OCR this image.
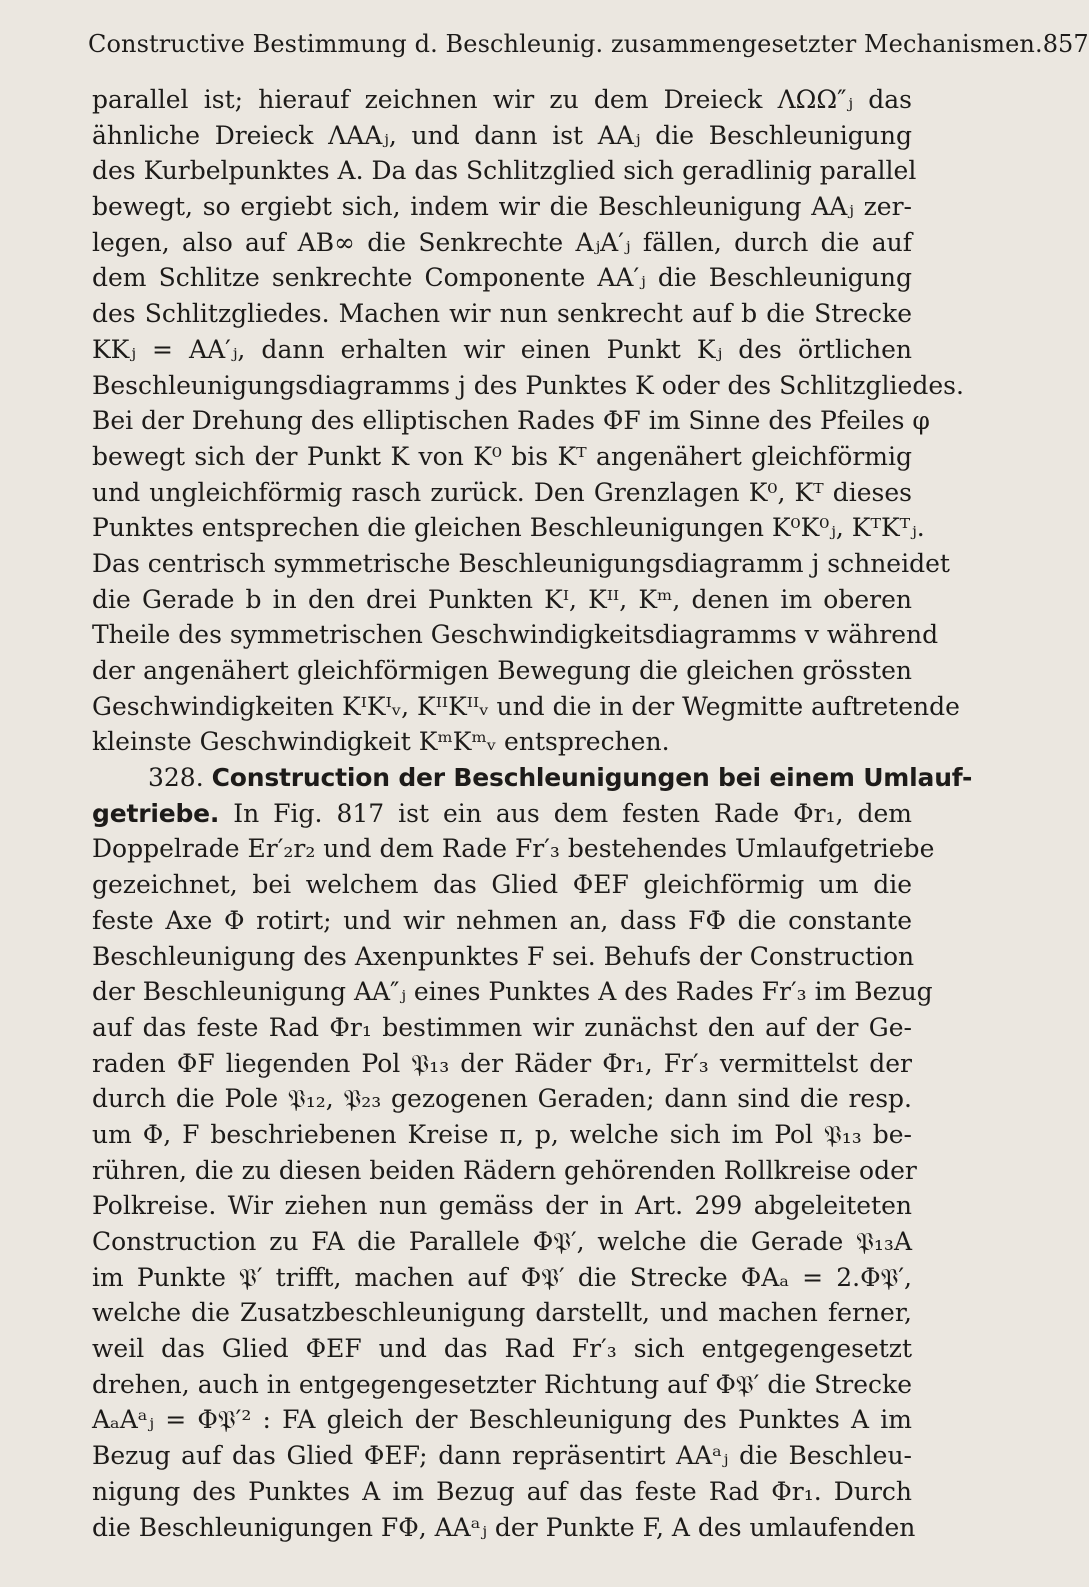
Constructive Bestimmung d. Beschleunig. zusammengesetzter Mechanismen. 857
parallel ist; hierauf zeichnen wir zu dem Dreieck ΛΩΩ″ⱼ das
ähnliche Dreieck ΛAAⱼ, und dann ist AAⱼ die Beschleunigung
des Kurbelpunktes A. Da das Schlitzglied sich geradlinig parallel
bewegt, so ergiebt sich, indem wir die Beschleunigung AAⱼ zer-
legen, also auf AB∞ die Senkrechte AⱼA′ⱼ fällen, durch die auf
dem Schlitze senkrechte Componente AA′ⱼ die Beschleunigung
des Schlitzgliedes. Machen wir nun senkrecht auf b die Strecke
KKⱼ = AA′ⱼ, dann erhalten wir einen Punkt Kⱼ des örtlichen
Beschleunigungsdiagramms j des Punktes K oder des Schlitzgliedes.
Bei der Drehung des elliptischen Rades ΦF im Sinne des Pfeiles φ
bewegt sich der Punkt K von K⁰ bis Kᵀ angenähert gleichförmig
und ungleichförmig rasch zurück. Den Grenzlagen K⁰, Kᵀ dieses
Punktes entsprechen die gleichen Beschleunigungen K⁰K⁰ⱼ, KᵀKᵀⱼ.
Das centrisch symmetrische Beschleunigungsdiagramm j schneidet
die Gerade b in den drei Punkten Kᴵ, Kᴵᴵ, Kᵐ, denen im oberen
Theile des symmetrischen Geschwindigkeitsdiagramms v während
der angenähert gleichförmigen Bewegung die gleichen grössten
Geschwindigkeiten KᴵKᴵᵥ, KᴵᴵKᴵᴵᵥ und die in der Wegmitte auftretende
kleinste Geschwindigkeit KᵐKᵐᵥ entsprechen.
328. Construction der Beschleunigungen bei einem Umlauf-
getriebe. In Fig. 817 ist ein aus dem festen Rade Φr₁, dem
Doppelrade Er′₂r₂ und dem Rade Fr′₃ bestehendes Umlaufgetriebe
gezeichnet, bei welchem das Glied ΦEF gleichförmig um die
feste Axe Φ rotirt; und wir nehmen an, dass FΦ die constante
Beschleunigung des Axenpunktes F sei. Behufs der Construction
der Beschleunigung AA″ⱼ eines Punktes A des Rades Fr′₃ im Bezug
auf das feste Rad Φr₁ bestimmen wir zunächst den auf der Ge-
raden ΦF liegenden Pol 𝔓₁₃ der Räder Φr₁, Fr′₃ vermittelst der
durch die Pole 𝔓₁₂, 𝔓₂₃ gezogenen Geraden; dann sind die resp.
um Φ, F beschriebenen Kreise π, p, welche sich im Pol 𝔓₁₃ be-
rühren, die zu diesen beiden Rädern gehörenden Rollkreise oder
Polkreise. Wir ziehen nun gemäss der in Art. 299 abgeleiteten
Construction zu FA die Parallele Φ𝔓′, welche die Gerade 𝔓₁₃A
im Punkte 𝔓′ trifft, machen auf Φ𝔓′ die Strecke ΦAₐ = 2.Φ𝔓′,
welche die Zusatzbeschleunigung darstellt, und machen ferner,
weil das Glied ΦEF und das Rad Fr′₃ sich entgegengesetzt
drehen, auch in entgegengesetzter Richtung auf Φ𝔓′ die Strecke
AₐAᵃⱼ = Φ𝔓′² : FA gleich der Beschleunigung des Punktes A im
Bezug auf das Glied ΦEF; dann repräsentirt AAᵃⱼ die Beschleu-
nigung des Punktes A im Bezug auf das feste Rad Φr₁. Durch
die Beschleunigungen FΦ, AAᵃⱼ der Punkte F, A des umlaufenden
